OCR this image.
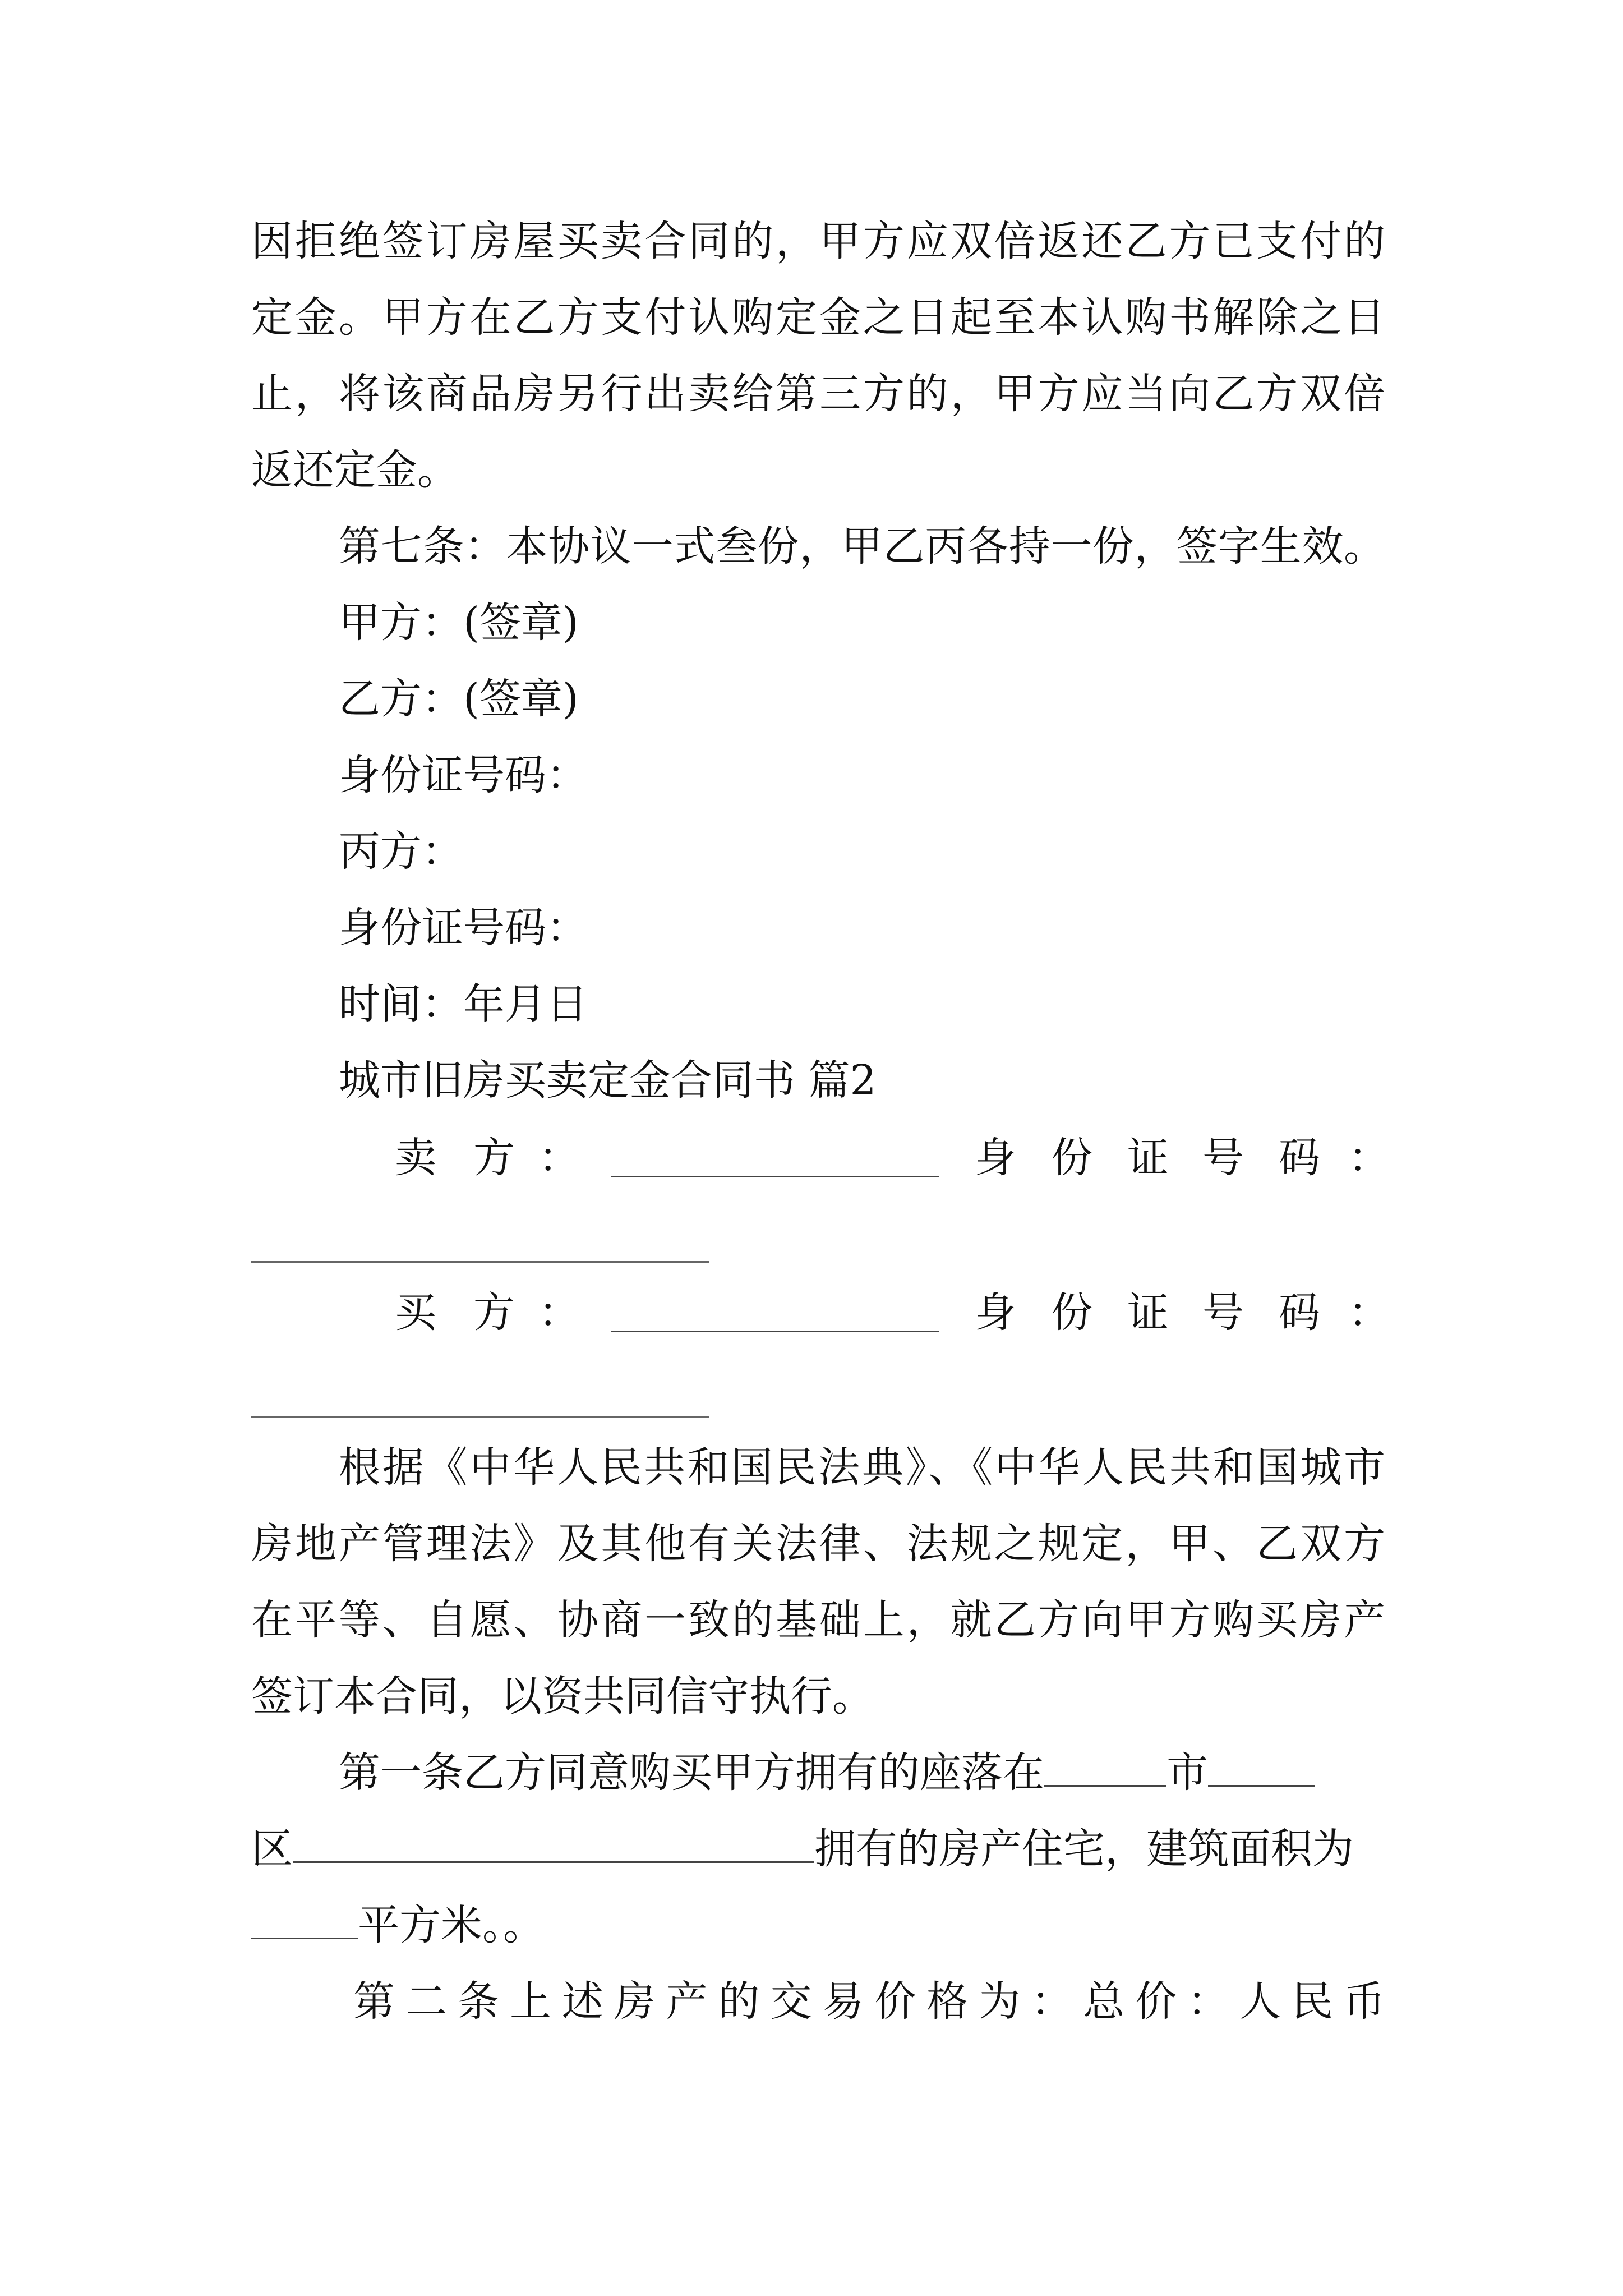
因拒绝签订房屋买卖合同的，甲方应双倍返还乙方已支付的
定金。甲方在乙方支付认购定金之日起至本认购书解除之日
止，将该商品房另行出卖给第三方的，甲方应当向乙方双倍
返还定金。
第七条：本协议一式叁份，甲乙丙各持一份，签字生效。
甲方：(签章)
乙方：(签章)
身份证号码：
丙方：
身份证号码：
时间：年月日
城市旧房买卖定金合同书 篇2
卖 方 ：	身 份 证 号 码 ：
买 方 ：	身 份 证 号 码 ：
根据《中华人民共和国民法典》、《中华人民共和国城市
房地产管理法》及其他有关法律、法规之规定，甲、乙双方
在平等、自愿、协商一致的基础上，就乙方向甲方购买房产
签订本合同，以资共同信守执行。
第一条乙方同意购买甲方拥有的座落在	市
区	拥有的房产住宅，建筑面积为
平方米。。
第二条上述房产的交易价格为：总价：人民币
